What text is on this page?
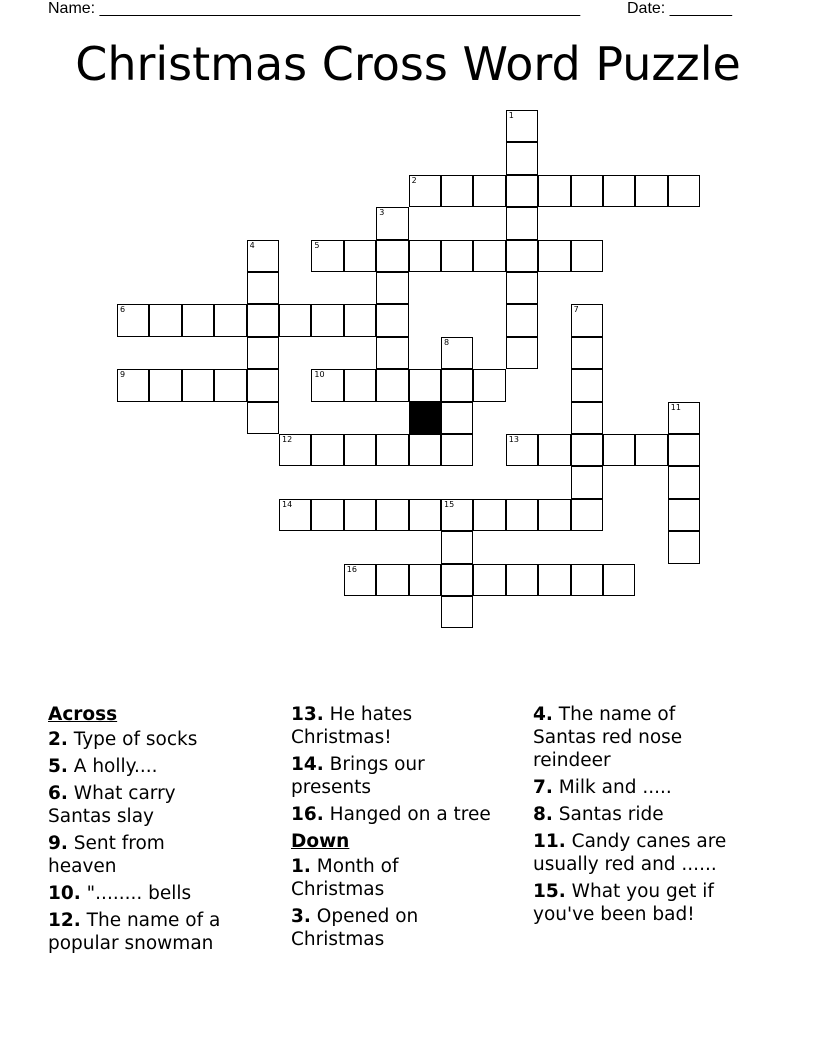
Name: ______________________________________________________	Date: _______
Christmas Cross Word Puzzle
1
2
3
4	5
6	7
8
9	10
11
12	13
14	15
16
Across
2. Type of socks
5. A holly....
6. What carry Santas slay
9. Sent from heaven
10. "........ bells
12. The name of a popular snowman
13. He hates Christmas!
14. Brings our presents
16. Hanged on a tree
Down
1. Month of Christmas
3. Opened on Christmas
4. The name of Santas red nose reindeer
7. Milk and .....
8. Santas ride
11. Candy canes are usually red and ......
15. What you get if you've been bad!
